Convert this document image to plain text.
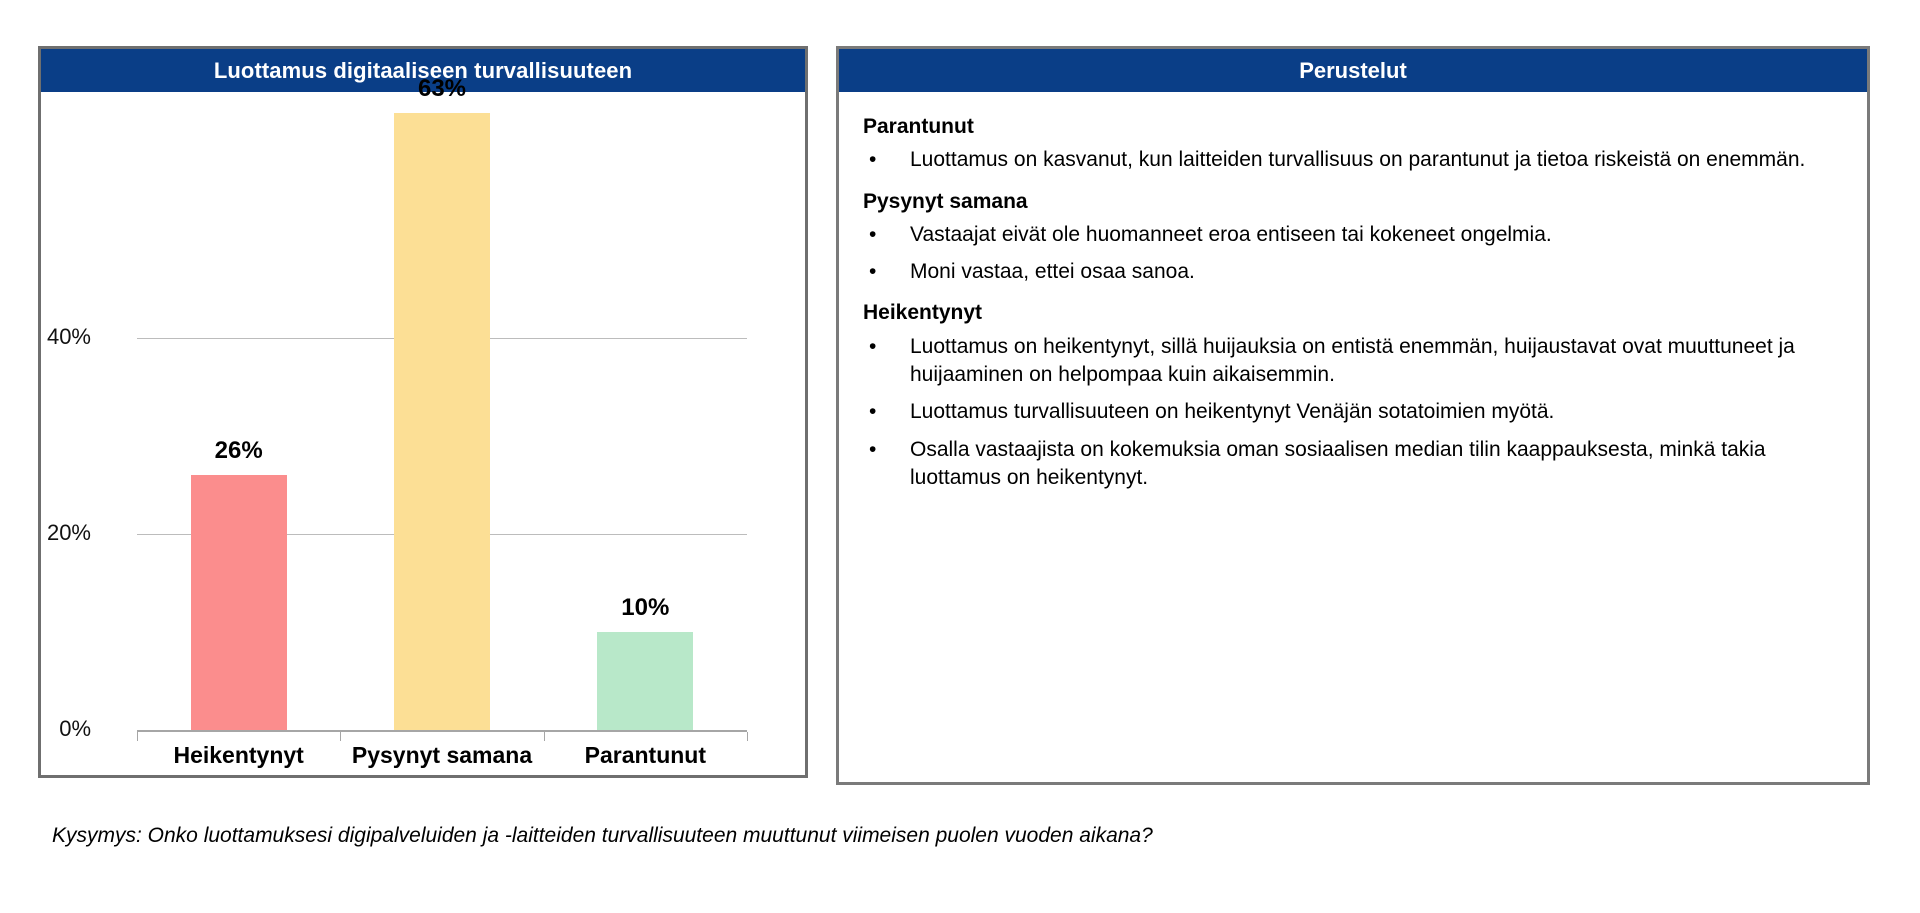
Luottamus digitaaliseen turvallisuuteen
0%
20%
40%
26%
Heikentynyt
63%
Pysynyt samana
10%
Parantunut
Perustelut
Parantunut
• Luottamus on kasvanut, kun laitteiden turvallisuus on parantunut ja tietoa riskeistä on enemmän.
Pysynyt samana
• Vastaajat eivät ole huomanneet eroa entiseen tai kokeneet ongelmia.
• Moni vastaa, ettei osaa sanoa.
Heikentynyt
• Luottamus on heikentynyt, sillä huijauksia on entistä enemmän, huijaustavat ovat muuttuneet ja huijaaminen on helpompaa kuin aikaisemmin.
• Luottamus turvallisuuteen on heikentynyt Venäjän sotatoimien myötä.
• Osalla vastaajista on kokemuksia oman sosiaalisen median tilin kaappauksesta, minkä takia luottamus on heikentynyt.
Kysymys: Onko luottamuksesi digipalveluiden ja -laitteiden turvallisuuteen muuttunut viimeisen puolen vuoden aikana?
